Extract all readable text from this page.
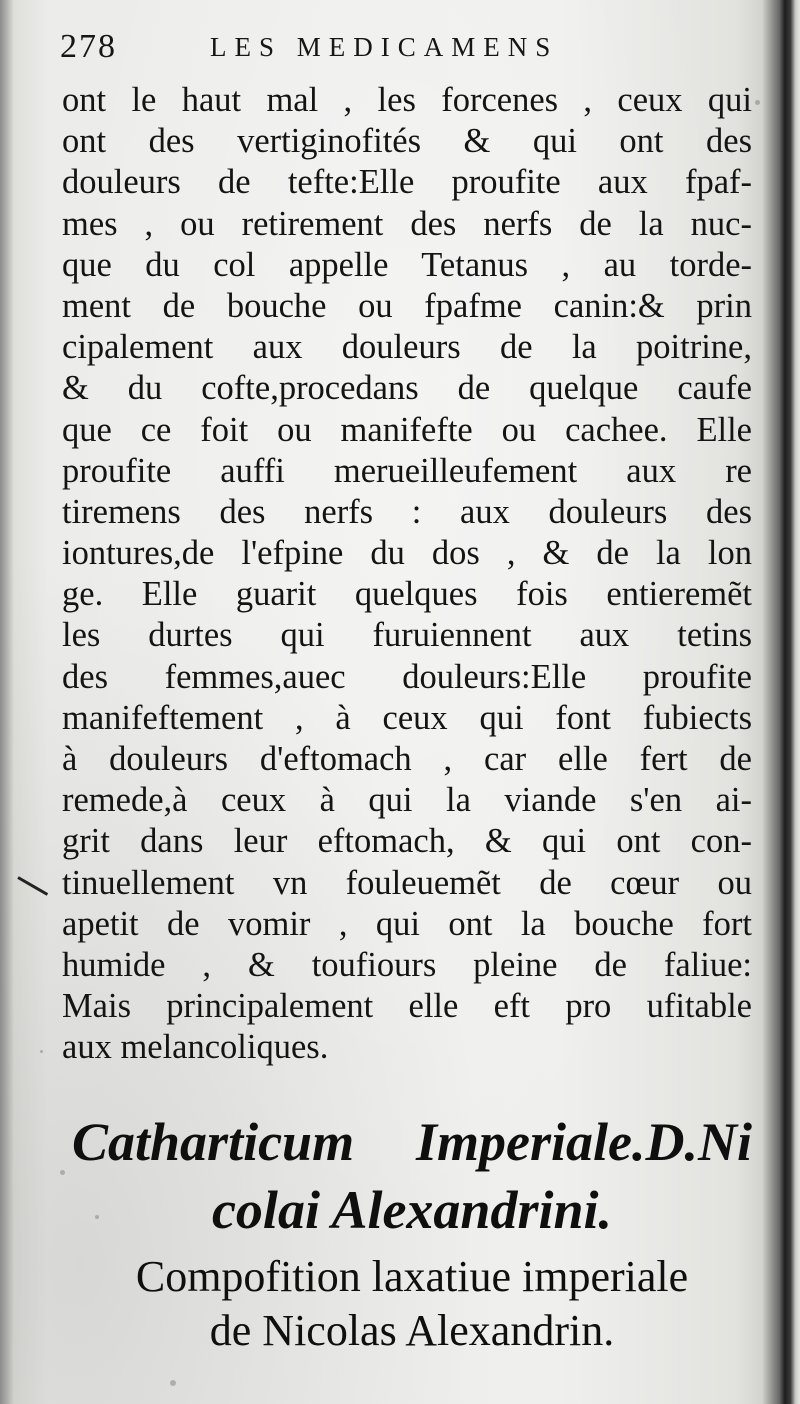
278	LES MEDICAMENS
ont le haut mal , les forcenes , ceux qui
ont des vertiginofités & qui ont des
douleurs de tefte:Elle proufite aux fpaf-
mes , ou retirement des nerfs de la nuc-
que du col appelle Tetanus , au torde-
ment de bouche ou fpafme canin:& prin
cipalement aux douleurs de la poitrine,
& du cofte,procedans de quelque caufe
que ce foit ou manifefte ou cachee. Elle
proufite auffi merueilleufement aux re
tiremens des nerfs : aux douleurs des
iontures,de l'efpine du dos , & de la lon
ge. Elle guarit quelques fois entieremẽt
les durtes qui furuiennent aux tetins
des femmes,auec douleurs:Elle proufite
manifeftement , à ceux qui font fubiects
à douleurs d'eftomach , car elle fert de
remede,à ceux à qui la viande s'en ai-
grit dans leur eftomach, & qui ont con-
tinuellement vn fouleuemẽt de cœur ou
apetit de vomir , qui ont la bouche fort
humide , & toufiours pleine de faliue:
Mais principalement elle eft pro ufitable
aux melancoliques.
Catharticum Imperiale.D.Ni
colai Alexandrini.
Compofition laxatiue imperiale
de Nicolas Alexandrin.
